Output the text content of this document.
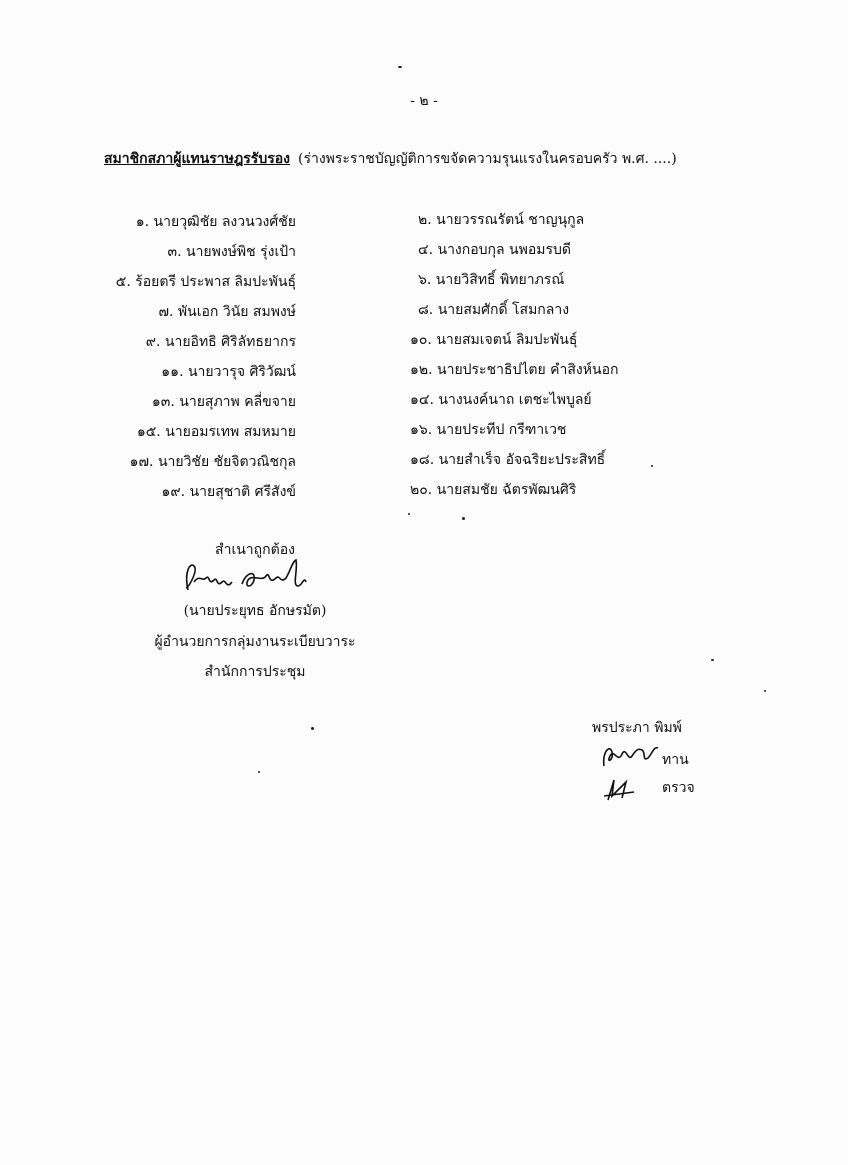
- ๒ -
สมาชิกสภาผู้แทนราษฎรรับรอง (ร่างพระราชบัญญัติการขจัดความรุนแรงในครอบครัว พ.ศ. ....)
๑. นายวุฒิชัย ลงวนวงศ์ชัย
๓. นายพงษ์พิช รุ่งเป้า
๕. ร้อยตรี ประพาส ลิมปะพันธุ์
๗. พันเอก วินัย สมพงษ์
๙. นายอิทธิ ศิริลัทธยากร
๑๑. นายวารุจ ศิริวัฒน์
๑๓. นายสุภาพ คลี่ขจาย
๑๕. นายอมรเทพ สมหมาย
๑๗. นายวิชัย ชัยจิตวณิชกุล
๑๙. นายสุชาติ ศรีสังข์
๒. นายวรรณรัตน์ ชาญนุกูล
๔. นางกอบกุล นพอมรบดี
๖. นายวิสิทธิ์ พิทยาภรณ์
๘. นายสมศักดิ์ โสมกลาง
๑๐. นายสมเจตน์ ลิมปะพันธุ์
๑๒. นายประชาธิปไตย คำสิงห์นอก
๑๔. นางนงค์นาถ เตชะไพบูลย์
๑๖. นายประทีป กรีฑาเวช
๑๘. นายสำเร็จ อัจฉริยะประสิทธิ์
๒๐. นายสมชัย ฉัตรพัฒนศิริ
สำเนาถูกต้อง
(นายประยุทธ อักษรมัต)
ผู้อำนวยการกลุ่มงานระเบียบวาระ
สำนักการประชุม
พรประภา พิมพ์
ทาน
ตรวจ
